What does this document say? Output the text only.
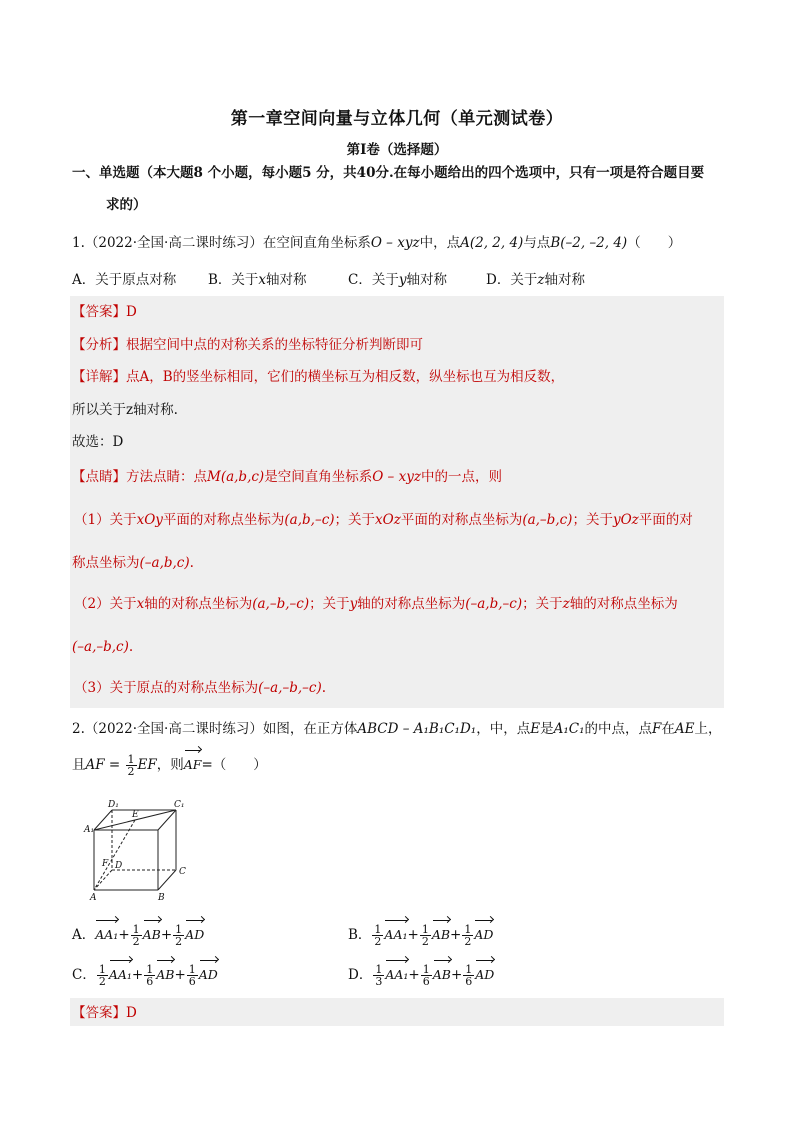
第一章空间向量与立体几何（单元测试卷）
第Ⅰ卷（选择题）
一、单选题（本大题8 个小题，每小题5 分，共40分.在每小题给出的四个选项中，只有一项是符合题目要
求的）
1.（2022·全国·高二课时练习）在空间直角坐标系O – xyz中，点A(2, 2, 4)与点B(–2, –2, 4)（　　）
A．关于原点对称 B．关于x轴对称	C．关于y轴对称	D．关于z轴对称
【答案】D
【分析】根据空间中点的对称关系的坐标特征分析判断即可
【详解】点A，B的竖坐标相同，它们的横坐标互为相反数，纵坐标也互为相反数，
所以关于z轴对称.
故选：D
【点睛】方法点睛：点M(a,b,c)是空间直角坐标系O – xyz中的一点，则
（1）关于xOy平面的对称点坐标为(a,b,–c)；关于xOz平面的对称点坐标为(a,–b,c)；关于yOz平面的对
称点坐标为(–a,b,c).
（2）关于x轴的对称点坐标为(a,–b,–c)；关于y轴的对称点坐标为(–a,b,–c)；关于z轴的对称点坐标为
(–a,–b,c).
（3）关于原点的对称点坐标为(–a,–b,–c).
2.（2022·全国·高二课时练习）如图，在正方体ABCD – A₁B₁C₁D₁，中，点E是A₁C₁的中点，点F在AE上，
且AF = $\frac{1}{2}$ EF，则AF=（　　）
D₁	C₁
A₁
E
F D
C
A	B
A．$AA_1+ \frac{1}{2} AB+ \frac{1}{2}$ AD	B． $\frac{1}{2} AA_1+ \frac{1}{2} AB+ \frac{1}{2}$ AD
C． $\frac{1}{2} AA_1+ \frac{1}{6} AB+ \frac{1}{6}$ AD	D． $\frac{1}{3} AA_1+ \frac{1}{6} AB+ \frac{1}{6}$ AD
【答案】D
